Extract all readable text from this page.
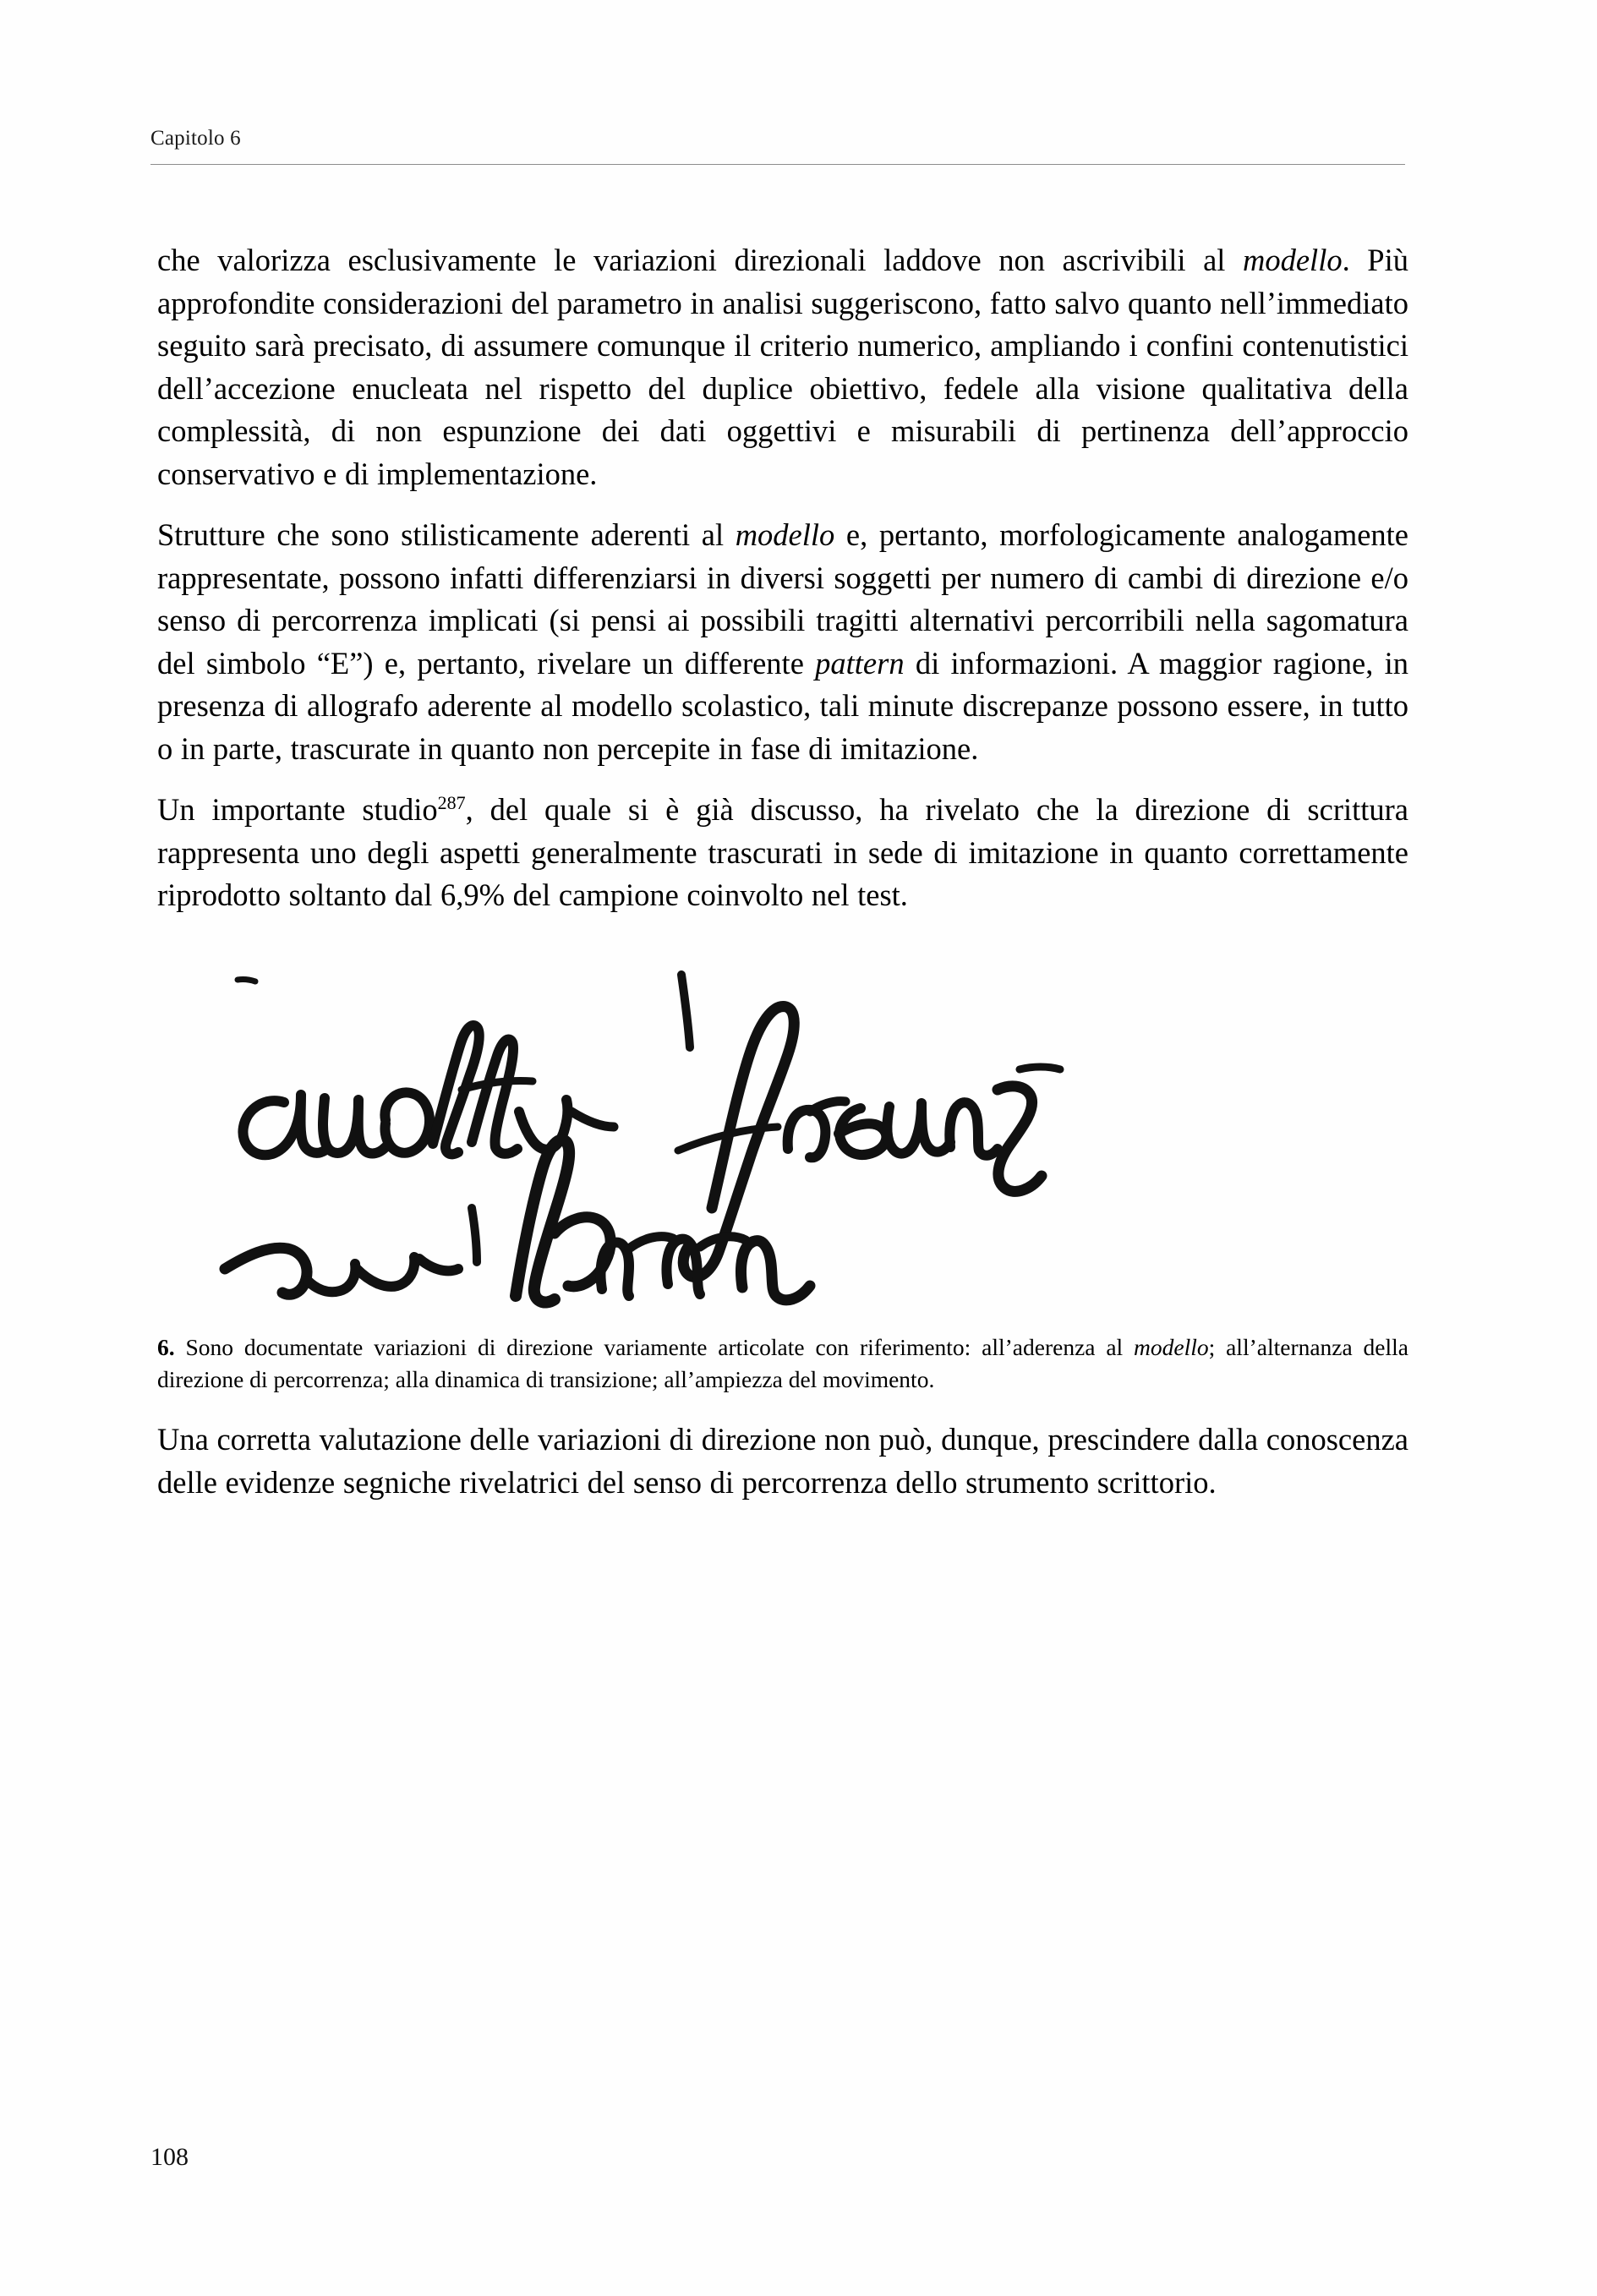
Capitolo 6

che valorizza esclusivamente le variazioni direzionali laddove non ascrivibili al modello. Più approfondite considerazioni del parametro in analisi suggeriscono, fatto salvo quanto nell’immediato seguito sarà precisato, di assumere comunque il criterio numerico, ampliando i confini contenutistici dell’accezione enucleata nel rispetto del duplice obiettivo, fedele alla visione qualitativa della complessità, di non espunzione dei dati oggettivi e misurabili di pertinenza dell’approccio conservativo e di implementazione.

Strutture che sono stilisticamente aderenti al modello e, pertanto, morfologicamente analogamente rappresentate, possono infatti differenziarsi in diversi soggetti per numero di cambi di direzione e/o senso di percorrenza implicati (si pensi ai possibili tragitti alternativi percorribili nella sagomatura del simbolo “E”) e, pertanto, rivelare un differente pattern di informazioni. A maggior ragione, in presenza di allografo aderente al modello scolastico, tali minute discrepanze possono essere, in tutto o in parte, trascurate in quanto non percepite in fase di imitazione.

Un importante studio$^{287}$, del quale si è già discusso, ha rivelato che la direzione di scrittura rappresenta uno degli aspetti generalmente trascurati in sede di imitazione in quanto correttamente riprodotto soltanto dal 6,9% del campione coinvolto nel test.

6. Sono documentate variazioni di direzione variamente articolate con riferimento: all’aderenza al modello; all’alternanza della direzione di percorrenza; alla dinamica di transizione; all’ampiezza del movimento.

Una corretta valutazione delle variazioni di direzione non può, dunque, prescindere dalla conoscenza delle evidenze segniche rivelatrici del senso di percorrenza dello strumento scrittorio.

108
